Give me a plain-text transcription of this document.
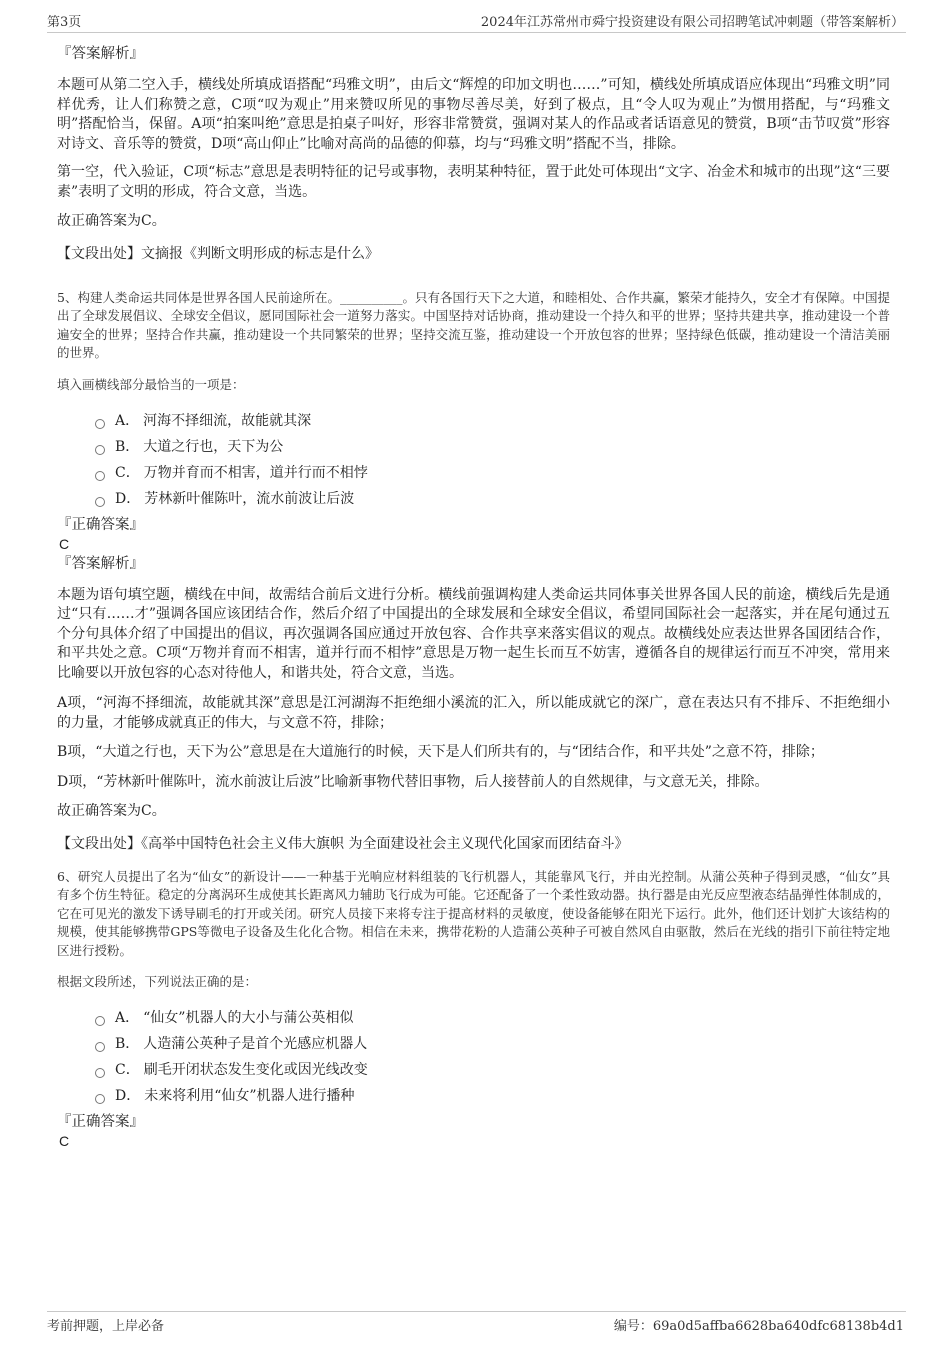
第3页	2024年江苏常州市舜宁投资建设有限公司招聘笔试冲刺题（带答案解析）

『答案解析』

本题可从第二空入手，横线处所填成语搭配“玛雅文明”，由后文“辉煌的印加文明也……”可知，横线处所填成语应体现出“玛雅文明”同样优秀，让人们称赞之意，C项“叹为观止”用来赞叹所见的事物尽善尽美，好到了极点，且“令人叹为观止”为惯用搭配，与“玛雅文明”搭配恰当，保留。A项“拍案叫绝”意思是拍桌子叫好，形容非常赞赏，强调对某人的作品或者话语意见的赞赏，B项“击节叹赏”形容对诗文、音乐等的赞赏，D项“高山仰止”比喻对高尚的品德的仰慕，均与“玛雅文明”搭配不当，排除。

第一空，代入验证，C项“标志”意思是表明特征的记号或事物，表明某种特征，置于此处可体现出“文字、冶金术和城市的出现”这“三要素”表明了文明的形成，符合文意，当选。

故正确答案为C。

【文段出处】文摘报《判断文明形成的标志是什么》

5、构建人类命运共同体是世界各国人民前途所在。__________。只有各国行天下之大道，和睦相处、合作共赢，繁荣才能持久，安全才有保障。中国提出了全球发展倡议、全球安全倡议，愿同国际社会一道努力落实。中国坚持对话协商，推动建设一个持久和平的世界；坚持共建共享，推动建设一个普遍安全的世界；坚持合作共赢，推动建设一个共同繁荣的世界；坚持交流互鉴，推动建设一个开放包容的世界；坚持绿色低碳，推动建设一个清洁美丽的世界。

填入画横线部分最恰当的一项是：

A． 河海不择细流，故能就其深
B． 大道之行也，天下为公
C． 万物并育而不相害，道并行而不相悖
D． 芳林新叶催陈叶，流水前波让后波

『正确答案』

C

『答案解析』

本题为语句填空题，横线在中间，故需结合前后文进行分析。横线前强调构建人类命运共同体事关世界各国人民的前途，横线后先是通过“只有……才”强调各国应该团结合作，然后介绍了中国提出的全球发展和全球安全倡议，希望同国际社会一起落实，并在尾句通过五个分句具体介绍了中国提出的倡议，再次强调各国应通过开放包容、合作共享来落实倡议的观点。故横线处应表达世界各国团结合作，和平共处之意。C项“万物并育而不相害，道并行而不相悖”意思是万物一起生长而互不妨害，遵循各自的规律运行而互不冲突，常用来比喻要以开放包容的心态对待他人，和谐共处，符合文意，当选。

A项，“河海不择细流，故能就其深”意思是江河湖海不拒绝细小溪流的汇入，所以能成就它的深广，意在表达只有不排斥、不拒绝细小的力量，才能够成就真正的伟大，与文意不符，排除；

B项，“大道之行也，天下为公”意思是在大道施行的时候，天下是人们所共有的，与“团结合作，和平共处”之意不符，排除；

D项，“芳林新叶催陈叶，流水前波让后波”比喻新事物代替旧事物，后人接替前人的自然规律，与文意无关，排除。

故正确答案为C。

【文段出处】《高举中国特色社会主义伟大旗帜 为全面建设社会主义现代化国家而团结奋斗》

6、研究人员提出了名为“仙女”的新设计——一种基于光响应材料组装的飞行机器人，其能靠风飞行，并由光控制。从蒲公英种子得到灵感，“仙女”具有多个仿生特征。稳定的分离涡环生成使其长距离风力辅助飞行成为可能。它还配备了一个柔性致动器。执行器是由光反应型液态结晶弹性体制成的，它在可见光的激发下诱导刷毛的打开或关闭。研究人员接下来将专注于提高材料的灵敏度，使设备能够在阳光下运行。此外，他们还计划扩大该结构的规模，使其能够携带GPS等微电子设备及生化化合物。相信在未来，携带花粉的人造蒲公英种子可被自然风自由驱散，然后在光线的指引下前往特定地区进行授粉。

根据文段所述，下列说法正确的是：

A． “仙女”机器人的大小与蒲公英相似
B． 人造蒲公英种子是首个光感应机器人
C． 刷毛开闭状态发生变化或因光线改变
D． 未来将利用“仙女”机器人进行播种

『正确答案』

C

考前押题，上岸必备	编号：69a0d5affba6628ba640dfc68138b4d1
